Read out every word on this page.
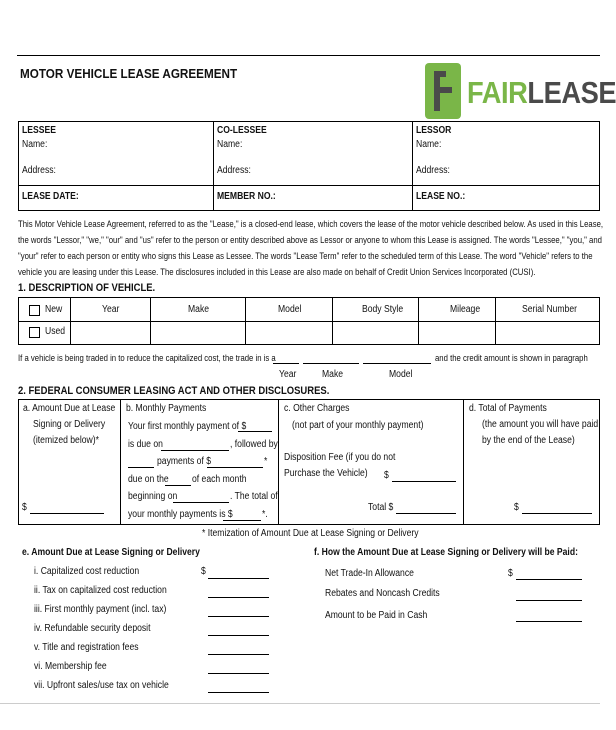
MOTOR VEHICLE LEASE AGREEMENT
FAIRLEASE
LESSEE
Name:
Address:
CO-LESSEE
Name:
Address:
LESSOR
Name:
Address:
LEASE DATE:	MEMBER NO.:	LEASE NO.:
This Motor Vehicle Lease Agreement, referred to as the "Lease," is a closed-end lease, which covers the lease of the motor vehicle described below. As used in this Lease,
the words "Lessor," "we," "our" and "us" refer to the person or entity described above as Lessor or anyone to whom this Lease is assigned. The words "Lessee," "you," and
"your" refer to each person or entity who signs this Lease as Lessee. The words "Lease Term" refer to the scheduled term of this Lease. The word "Vehicle" refers to the
vehicle you are leasing under this Lease. The disclosures included in this Lease are also made on behalf of Credit Union Services Incorporated (CUSI).
1. DESCRIPTION OF VEHICLE.
New
Used
Year	Make	Model	Body Style	Mileage	Serial Number
If a vehicle is being traded in to reduce the capitalized cost, the trade in is a	and the credit amount is shown in paragraph
Year	Make	Model
2. FEDERAL CONSUMER LEASING ACT AND OTHER DISCLOSURES.
a. Amount Due at Lease
Signing or Delivery
(itemized below)*
$
b. Monthly Payments
Your first monthly payment of $
is due on	, followed by
payments of $	*
due on the of each month
beginning on	. The total of
your monthly payments is $	*.
c. Other Charges
(not part of your monthly payment)
Disposition Fee (if you do not
Purchase the Vehicle) $
Total $
d. Total of Payments
(the amount you will have paid
by the end of the Lease)
$
* Itemization of Amount Due at Lease Signing or Delivery
e. Amount Due at Lease Signing or Delivery
i. Capitalized cost reduction
ii. Tax on capitalized cost reduction
iii. First monthly payment (incl. tax)
iv. Refundable security deposit
v. Title and registration fees
vi. Membership fee
vii. Upfront sales/use tax on vehicle
$
f. How the Amount Due at Lease Signing or Delivery will be Paid:
Net Trade-In Allowance
Rebates and Noncash Credits
Amount to be Paid in Cash
$
